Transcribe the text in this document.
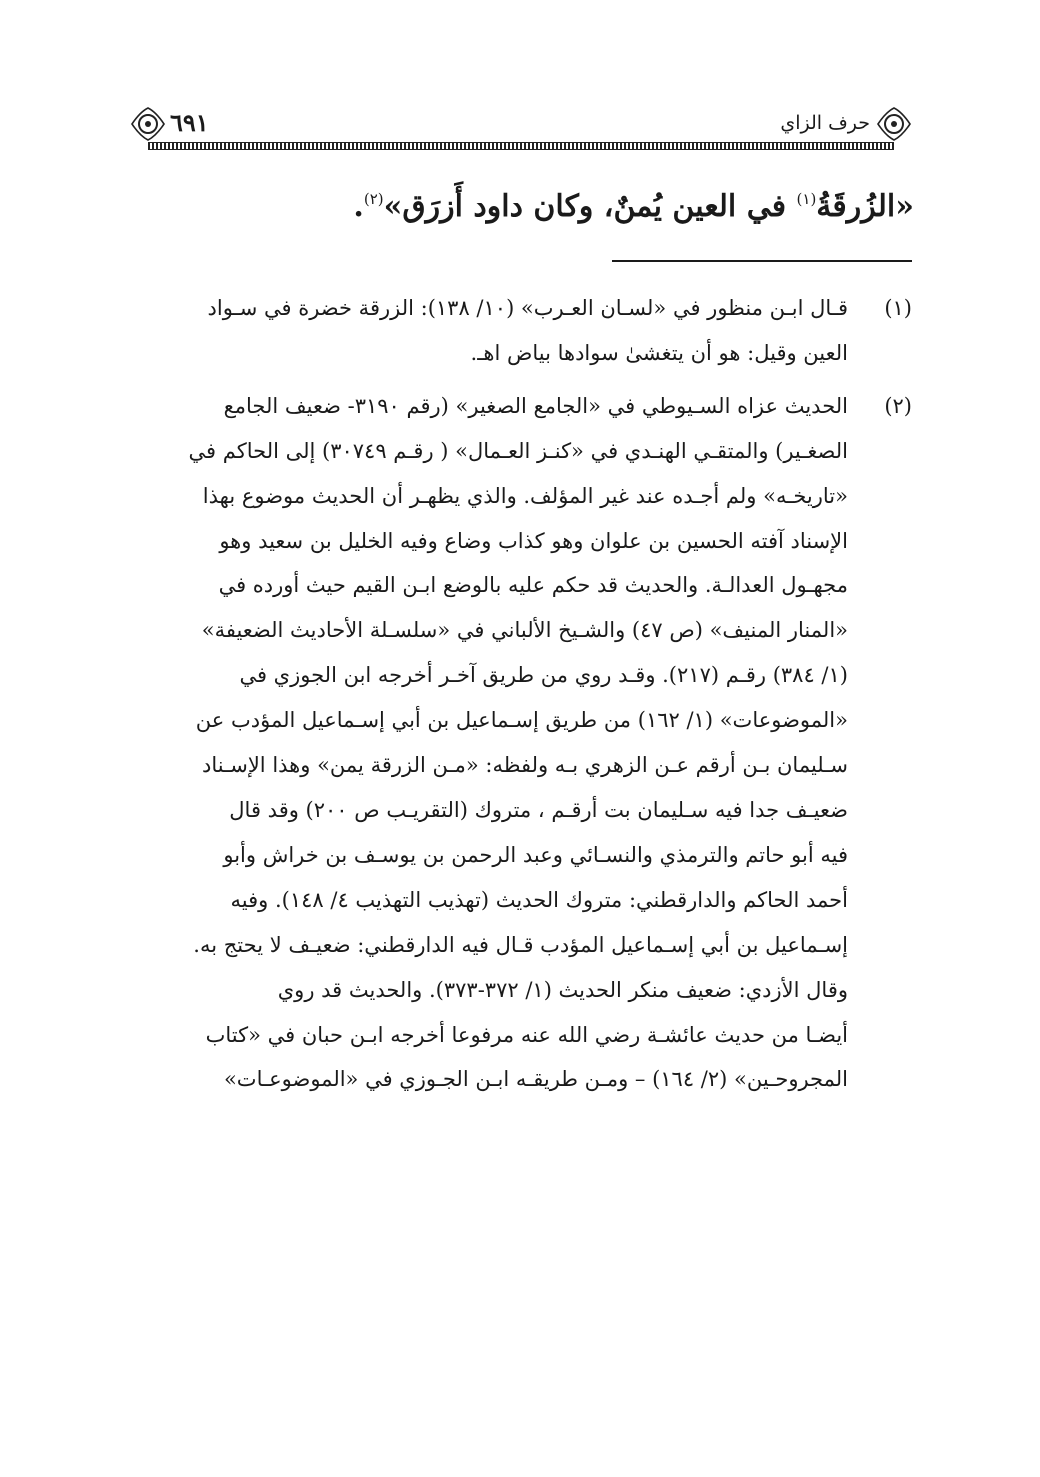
٦٩١	حرف الزاي
«الزُرقَةُ$^{(١)}$ في العين يُمنٌ، وكان داود أَزرَق»$^{(٢)}$.
(١)
قـال ابـن منظور في «لسـان العـرب» (١٠/ ١٣٨): الزرقة خضرة في سـواد
العين وقيل: هو أن يتغشىٰ سوادها بياض اهـ.
(٢)
الحديث عزاه السـيوطي في «الجامع الصغير» (رقم ٣١٩٠- ضعيف الجامع
الصغـير) والمتقـي الهنـدي في «كنـز العـمال» ( رقـم ٣٠٧٤٩) إلى الحاكم في
«تاريخـه» ولم أجـده عند غير المؤلف. والذي يظهـر أن الحديث موضوع بهذا
الإسناد آفته الحسين بن علوان وهو كذاب وضاع وفيه الخليل بن سعيد وهو
مجهـول العدالـة. والحديث قد حكم عليه بالوضع ابـن القيم حيث أورده في
«المنار المنيف» (ص ٤٧) والشـيخ الألباني في «سلسـلة الأحاديث الضعيفة»
(١/ ٣٨٤) رقـم (٢١٧). وقـد روي من طريق آخـر أخرجه ابن الجوزي في
«الموضوعات» (١/ ١٦٢) من طريق إسـماعيل بن أبي إسـماعيل المؤدب عن
سـليمان بـن أرقم عـن الزهري بـه ولفظه: «مـن الزرقة يمن» وهذا الإسـناد
ضعيـف جدا فيه سـليمان بت أرقـم ، متروك (التقريـب ص ٢٠٠) وقد قال
فيه أبو حاتم والترمذي والنسـائي وعبد الرحمن بن يوسـف بن خراش وأبو
أحمد الحاكم والدارقطني: متروك الحديث (تهذيب التهذيب ٤/ ١٤٨). وفيه
إسـماعيل بن أبي إسـماعيل المؤدب قـال فيه الدارقطني: ضعيـف لا يحتج به.
وقال الأزدي: ضعيف منكر الحديث (١/ ٣٧٢-٣٧٣). والحديث قد روي
أيضـا من حديث عائشـة رضي الله عنه مرفوعا أخرجه ابـن حبان في «كتاب
المجروحـين» (٢/ ١٦٤) – ومـن طريقـه ابـن الجـوزي في «الموضوعـات»
